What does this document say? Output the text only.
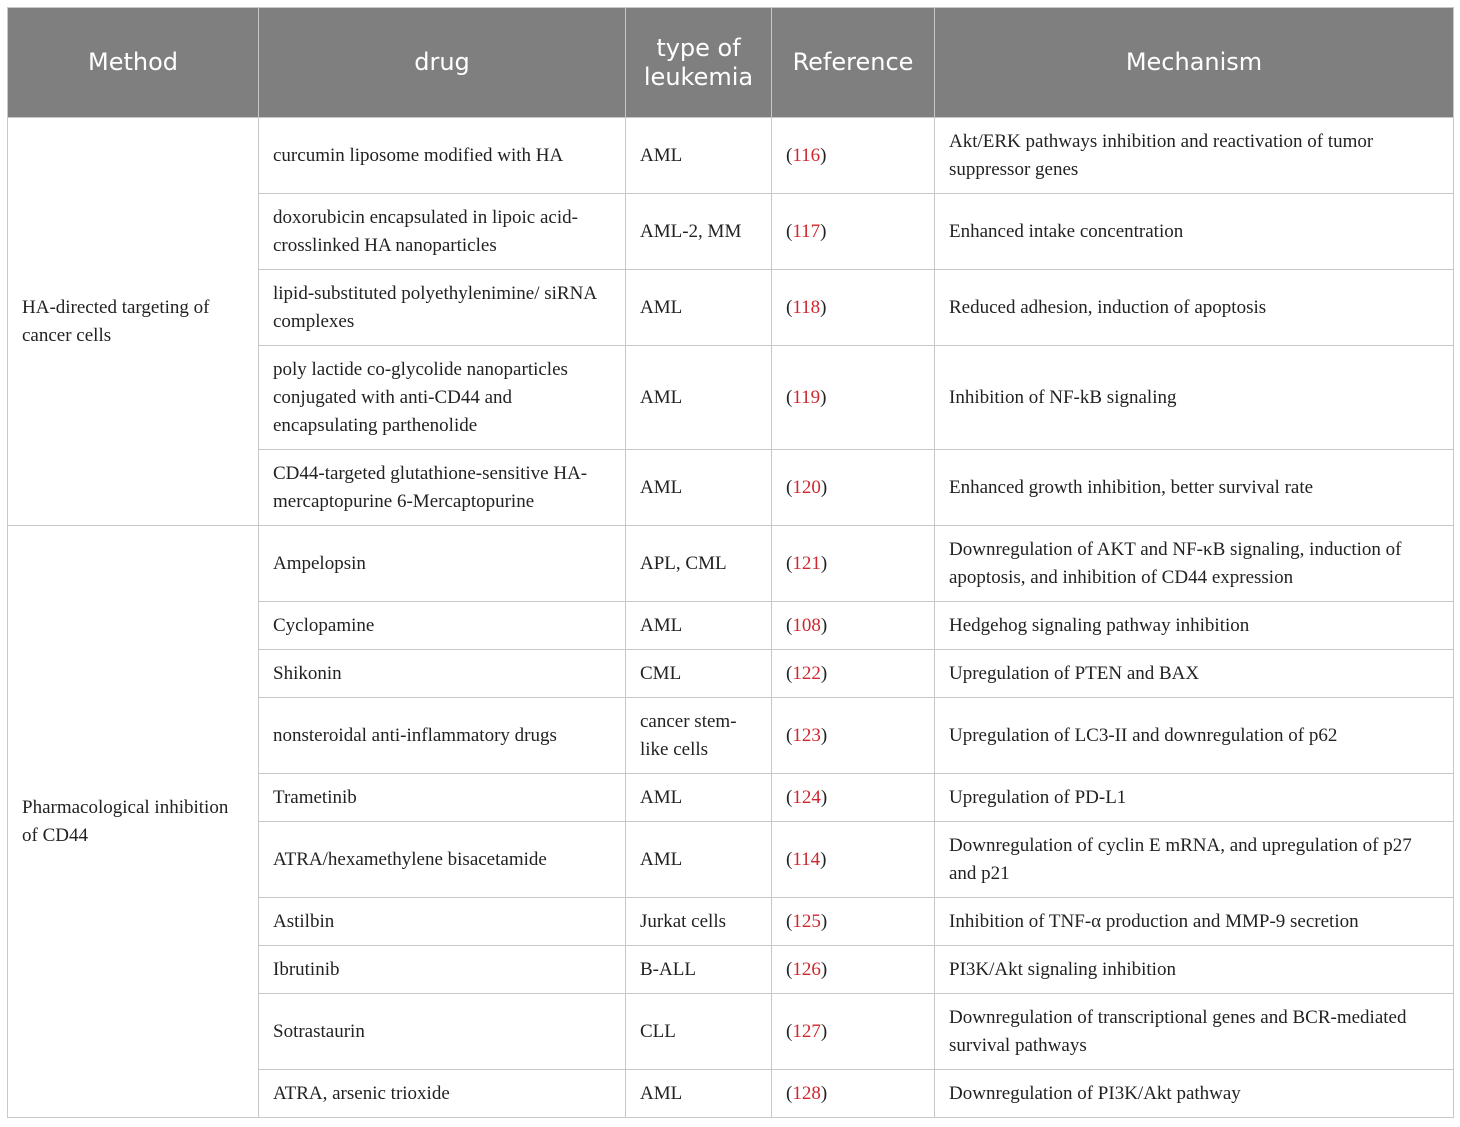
Method	drug	type of leukemia	Reference	Mechanism
HA-directed targeting of cancer cells	curcumin liposome modified with HA	AML	(116)	Akt/ERK pathways inhibition and reactivation of tumor suppressor genes
	doxorubicin encapsulated in lipoic acid-crosslinked HA nanoparticles	AML-2, MM	(117)	Enhanced intake concentration
	lipid-substituted polyethylenimine/ siRNA complexes	AML	(118)	Reduced adhesion, induction of apoptosis
	poly lactide co-glycolide nanoparticles conjugated with anti-CD44 and encapsulating parthenolide	AML	(119)	Inhibition of NF-kB signaling
	CD44-targeted glutathione-sensitive HA-mercaptopurine 6-Mercaptopurine	AML	(120)	Enhanced growth inhibition, better survival rate
Pharmacological inhibition of CD44	Ampelopsin	APL, CML	(121)	Downregulation of AKT and NF-κB signaling, induction of apoptosis, and inhibition of CD44 expression
	Cyclopamine	AML	(108)	Hedgehog signaling pathway inhibition
	Shikonin	CML	(122)	Upregulation of PTEN and BAX
	nonsteroidal anti-inflammatory drugs	cancer stem-like cells	(123)	Upregulation of LC3-II and downregulation of p62
	Trametinib	AML	(124)	Upregulation of PD-L1
	ATRA/hexamethylene bisacetamide	AML	(114)	Downregulation of cyclin E mRNA, and upregulation of p27 and p21
	Astilbin	Jurkat cells	(125)	Inhibition of TNF-α production and MMP-9 secretion
	Ibrutinib	B-ALL	(126)	PI3K/Akt signaling inhibition
	Sotrastaurin	CLL	(127)	Downregulation of transcriptional genes and BCR-mediated survival pathways
	ATRA, arsenic trioxide	AML	(128)	Downregulation of PI3K/Akt pathway
